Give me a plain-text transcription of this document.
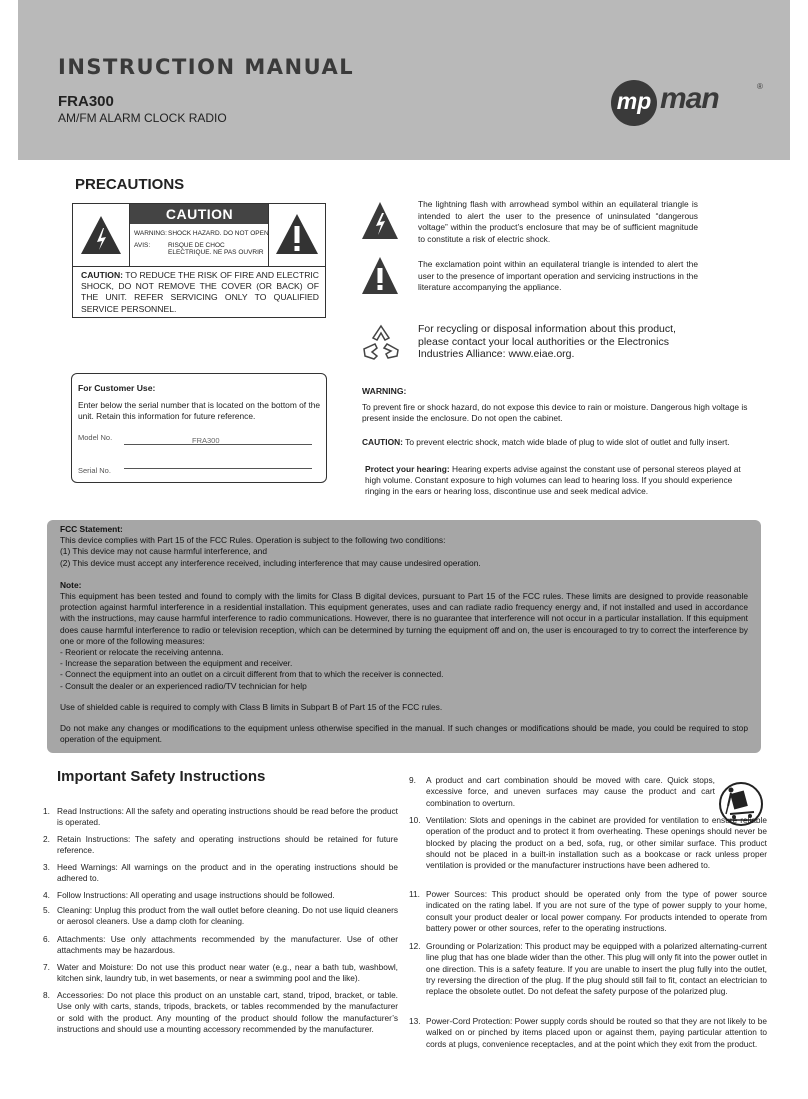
INSTRUCTION MANUAL
FRA300
AM/FM ALARM CLOCK RADIO
mp man	®
PRECAUTIONS
CAUTION
WARNING:SHOCK HAZARD. DO NOT OPEN
AVIS:	RISQUE DE CHOC ELECTRIQUE. NE PAS OUVRIR
CAUTION: TO REDUCE THE RISK OF FIRE AND ELECTRIC SHOCK, DO NOT REMOVE THE COVER (OR BACK) OF THE UNIT. REFER SERVICING ONLY TO QUALIFIED SERVICE PERSONNEL.
The lightning flash with arrowhead symbol within an equilateral triangle is intended to alert the user to the presence of uninsulated “dangerous voltage” within the product’s enclosure that may be of sufficient magnitude to constitute a risk of electric shock.
The exclamation point within an equilateral triangle is intended to alert the user to the presence of important operation and servicing instructions in the literature accompanying the appliance.
For recycling or disposal information about this product, please contact your local authorities or the Electronics Industries Alliance: www.eiae.org.
For Customer Use:
Enter below the serial number that is located on the bottom of the unit. Retain this information for future reference.
Model No.	FRA300
Serial No.
WARNING:
To prevent fire or shock hazard, do not expose this device to rain or moisture. Dangerous high voltage is present inside the enclosure. Do not open the cabinet.
CAUTION: To prevent electric shock, match wide blade of plug to wide slot of outlet and fully insert.
Protect your hearing: Hearing experts advise against the constant use of personal stereos played at high volume. Constant exposure to high volumes can lead to hearing loss. If you should experience ringing in the ears or hearing loss, discontinue use and seek medical advice.

FCC Statement:

This device complies with Part 15 of the FCC Rules. Operation is subject to the following two conditions:

(1) This device may not cause harmful interference, and

(2) This device must accept any interference received, including interference that may cause undesired operation.

Note:

This equipment has been tested and found to comply with the limits for Class B digital devices, pursuant to Part 15 of the FCC rules. These limits are designed to provide reasonable protection against harmful interference in a residential installation. This equipment generates, uses and can radiate radio frequency energy and, if not installed and used in accordance with the instructions, may cause harmful interference to radio communications. However, there is no guarantee that interference will not occur in a particular installation. If this equipment does cause harmful interference to radio or television reception, which can be determined by turning the equipment off and on, the user is encouraged to try to correct the interference by one or more of the following measures:

- Reorient or relocate the receiving antenna.

- Increase the separation between the equipment and receiver.

- Connect the equipment into an outlet on a circuit different from that to which the receiver is connected.

- Consult the dealer or an experienced radio/TV technician for help

Use of shielded cable is required to comply with Class B limits in Subpart B of Part 15 of the FCC rules.

Do not make any changes or modifications to the equipment unless otherwise specified in the manual. If such changes or modifications should be made, you could be required to stop operation of the equipment.

Important Safety Instructions
1. Read Instructions: All the safety and operating instructions should be read before the product is operated.
2. Retain Instructions: The safety and operating instructions should be retained for future reference.
3. Heed Warnings: All warnings on the product and in the operating instructions should be adhered to.
4. Follow Instructions: All operating and usage instructions should be followed.
5. Cleaning: Unplug this product from the wall outlet before cleaning. Do not use liquid cleaners or aerosol cleaners. Use a damp cloth for cleaning.
6. Attachments: Use only attachments recommended by the manufacturer. Use of other attachments may be hazardous.
7. Water and Moisture: Do not use this product near water (e.g., near a bath tub, washbowl, kitchen sink, laundry tub, in wet basements, or near a swimming pool and the like).
8. Accessories: Do not place this product on an unstable cart, stand, tripod, bracket, or table. Use only with carts, stands, tripods, brackets, or tables recommended by the manufacturer or sold with the product. Any mounting of the product should follow the manufacturer’s instructions and should use a mounting accessory recommended by the manufacturer.
9. A product and cart combination should be moved with care. Quick stops, excessive force, and uneven surfaces may cause the product and cart combination to overturn.
10. Ventilation: Slots and openings in the cabinet are provided for ventilation to ensure reliable operation of the product and to protect it from overheating. These openings should never be blocked by placing the product on a bed, sofa, rug, or other similar surface. This product should not be placed in a built-in installation such as a bookcase or rack unless proper ventilation is provided or the manufacturer instructions have been adhered to.
11. Power Sources: This product should be operated only from the type of power source indicated on the rating label. If you are not sure of the type of power supply to your home, consult your product dealer or local power company. For products intended to operate from battery power or other sources, refer to the operating instructions.
12. Grounding or Polarization: This product may be equipped with a polarized alternating-current line plug that has one blade wider than the other. This plug will only fit into the power outlet in one direction. This is a safety feature. If you are unable to insert the plug fully into the outlet, try reversing the direction of the plug. If the plug should still fail to fit, contact an electrician to replace the obsolete outlet. Do not defeat the safety purpose of the polarized plug.
13. Power-Cord Protection: Power supply cords should be routed so that they are not likely to be walked on or pinched by items placed upon or against them, paying particular attention to cords at plugs, convenience receptacles, and at the point which they exit from the product.
